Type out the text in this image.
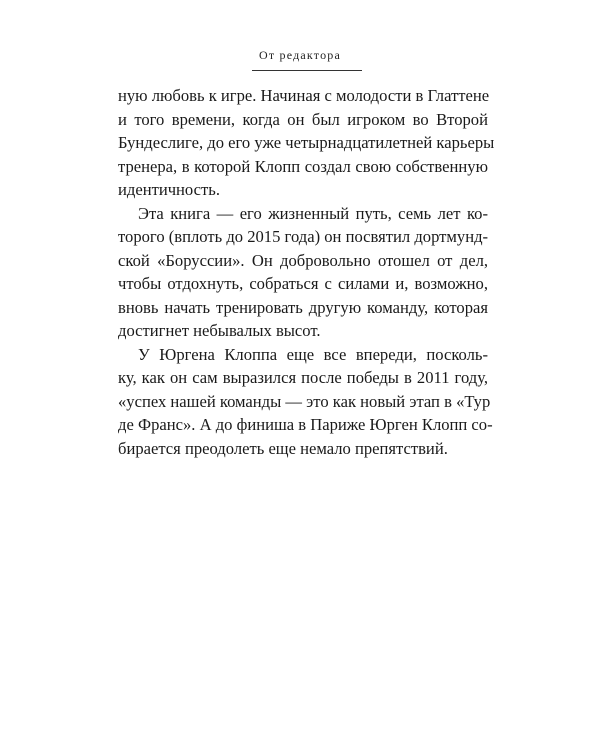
От редактора
ную любовь к игре. Начиная с молодости в Глаттене
и того времени, когда он был игроком во Второй
Бундеслиге, до его уже четырнадцатилетней карьеры
тренера, в которой Клопп создал свою собственную
идентичность.
Эта книга — его жизненный путь, семь лет ко-
торого (вплоть до 2015 года) он посвятил дортмунд-
ской «Боруссии». Он добровольно отошел от дел,
чтобы отдохнуть, собраться с силами и, возможно,
вновь начать тренировать другую команду, которая
достигнет небывалых высот.
У Юргена Клоппа еще все впереди, посколь-
ку, как он сам выразился после победы в 2011 году,
«успех нашей команды — это как новый этап в «Тур
де Франс». А до финиша в Париже Юрген Клопп со-
бирается преодолеть еще немало препятствий.
